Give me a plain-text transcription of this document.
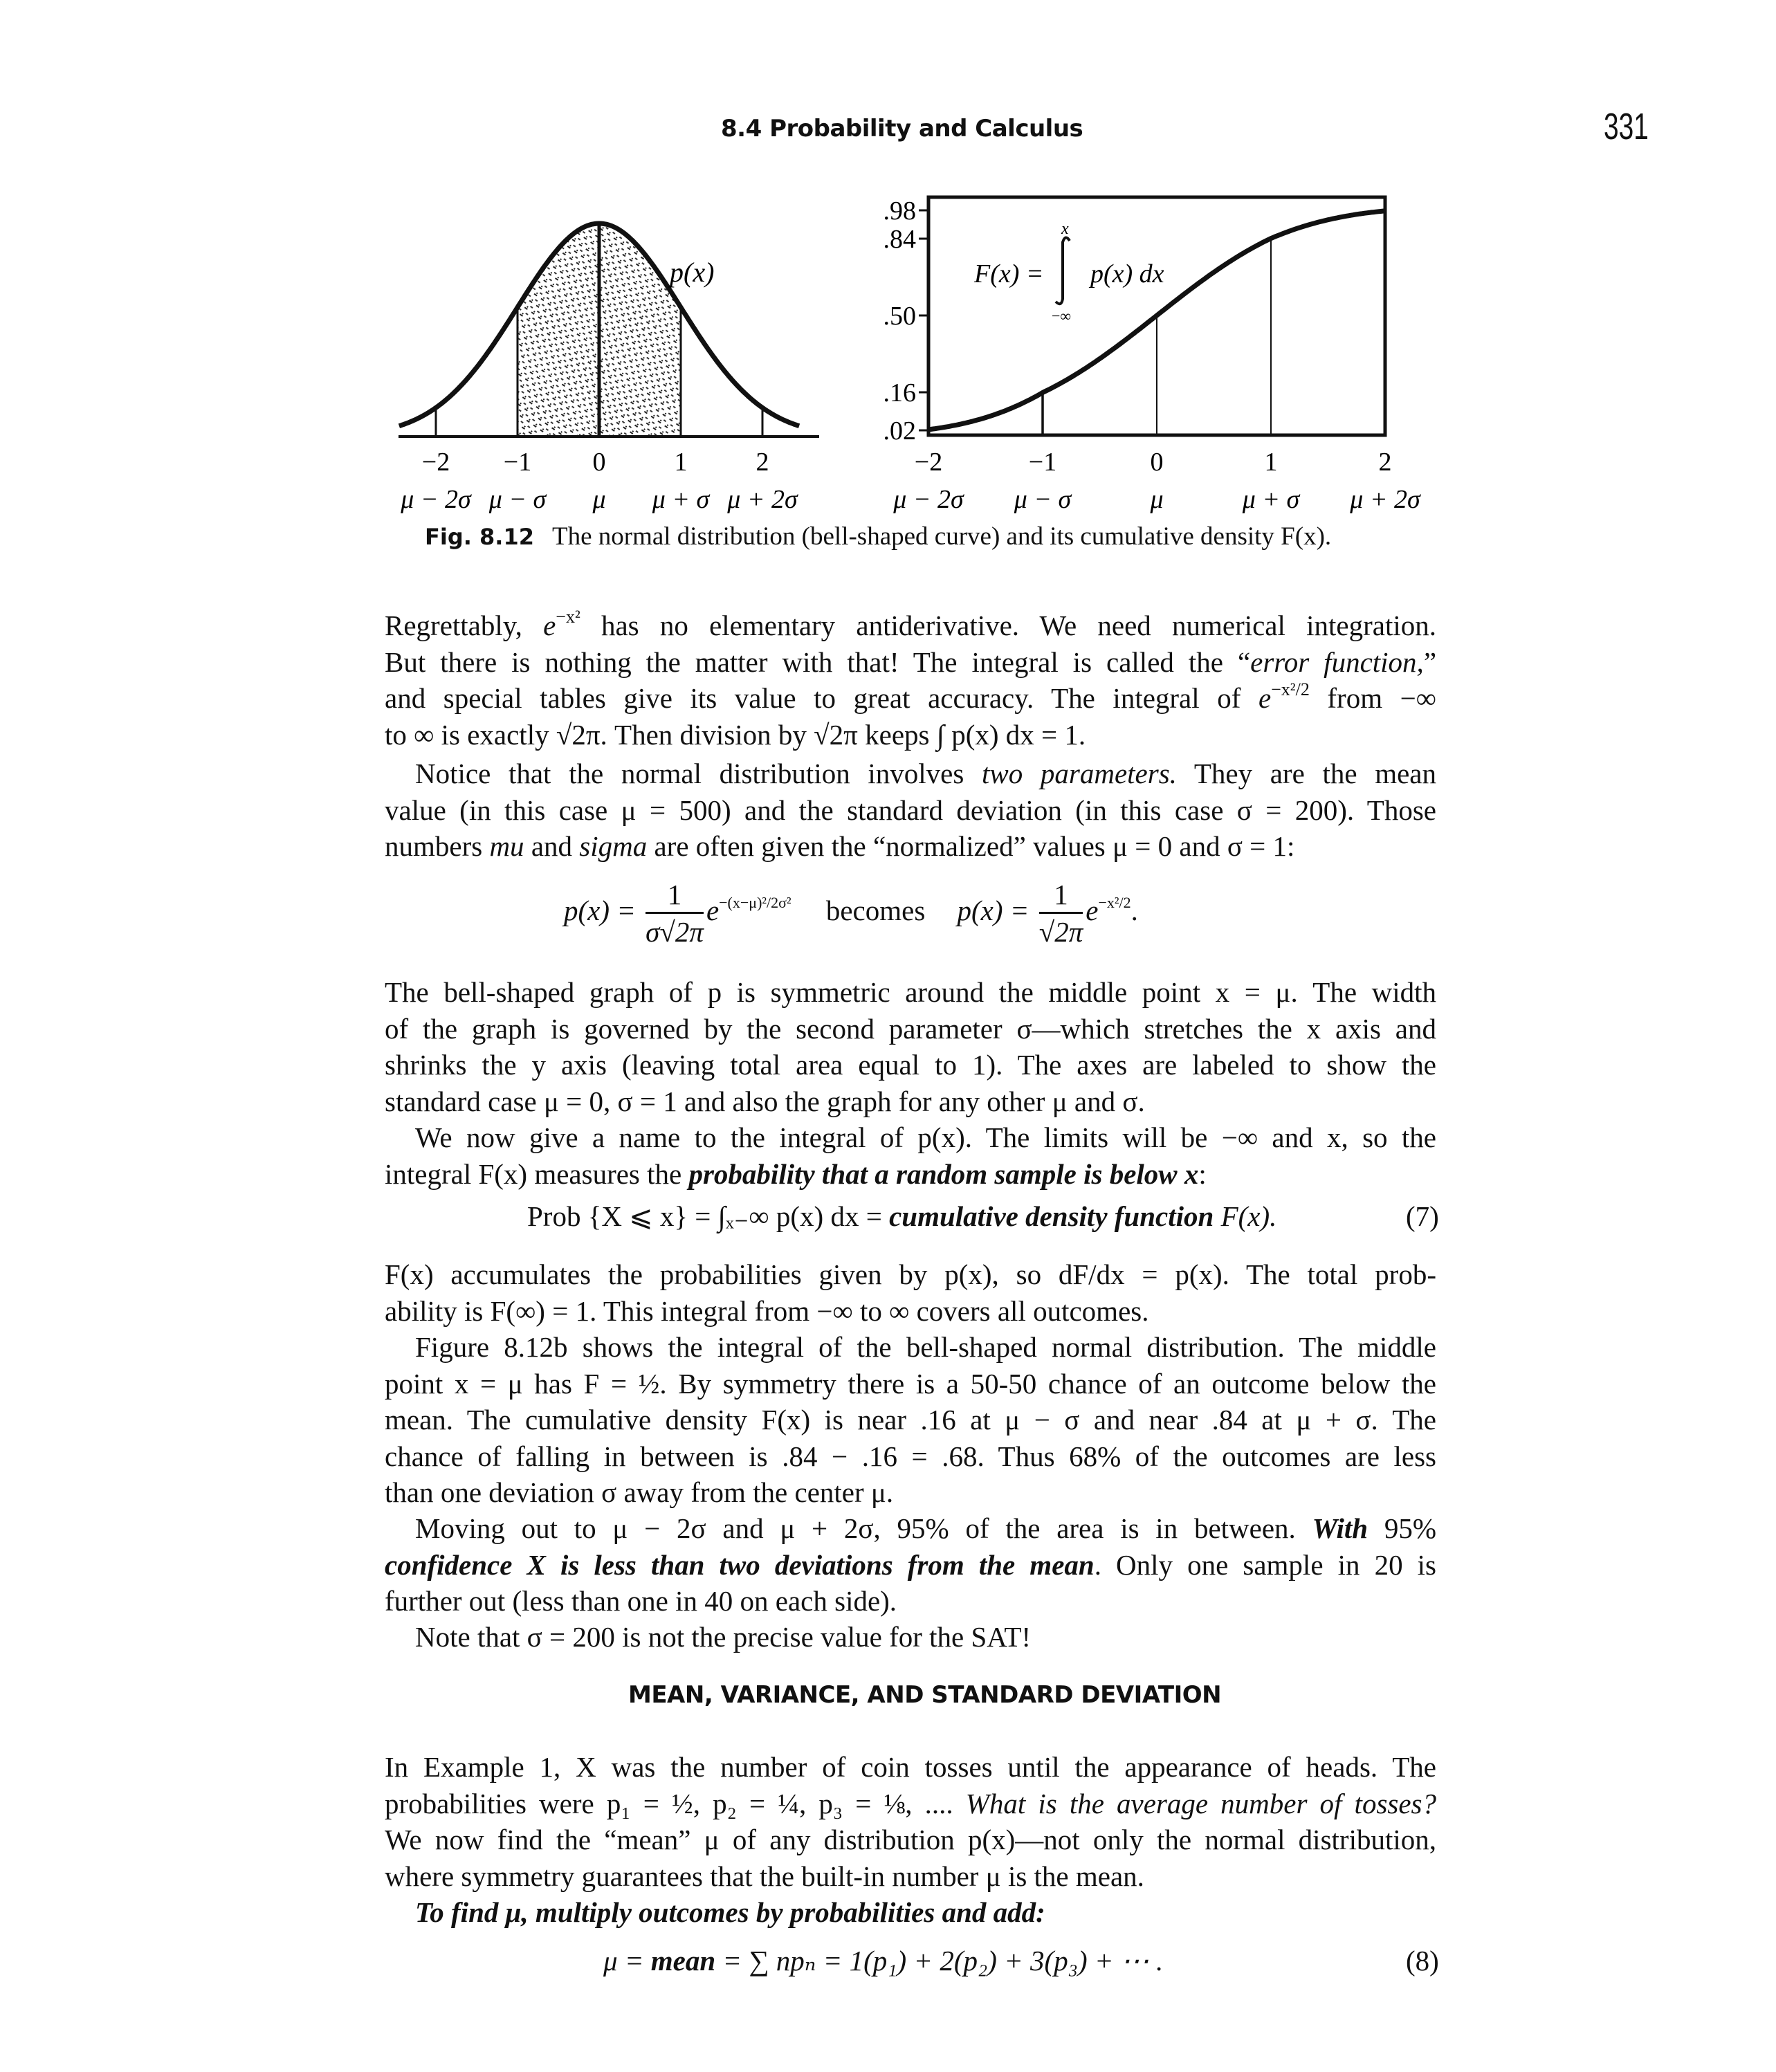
8.4 Probability and Calculus	331
p(x)
.98
.84
.50
.16
.02
F(x) =
x
−∞
p(x) dx
−2
μ − 2σ
−1
μ − σ
0
μ
1
μ + σ
2
μ + 2σ
−2
μ − 2σ
−1
μ − σ
0
μ
1
μ + σ
2
μ + 2σ
Fig. 8.12 The normal distribution (bell-shaped curve) and its cumulative density F(x).
Regrettably, $e^{-x^2}$ has no elementary antiderivative. We need numerical integration.
But there is nothing the matter with that! The integral is called the “error function,”
and special tables give its value to great accuracy. The integral of $e^{-x^2/2}$ from −∞
to ∞ is exactly √2π. Then division by √2π keeps ∫ p(x) dx = 1.
Notice that the normal distribution involves two parameters. They are the mean
value (in this case μ = 500) and the standard deviation (in this case σ = 200). Those
numbers mu and sigma are often given the “normalized” values μ = 0 and σ = 1:
$p(x) = \frac{1}{\sigma√2\pi} e^{-(x-\mu)^2/2\sigma^2}$ becomes $p(x) = \frac{1}{√2\pi} e^{-x^2/2}$.
The bell-shaped graph of p is symmetric around the middle point x = μ. The width
of the graph is governed by the second parameter σ—which stretches the x axis and
shrinks the y axis (leaving total area equal to 1). The axes are labeled to show the
standard case μ = 0, σ = 1 and also the graph for any other μ and σ.
We now give a name to the integral of p(x). The limits will be −∞ and x, so the
integral F(x) measures the probability that a random sample is below x:
Prob {X ⩽ x} = ∫ₓ₋∞ p(x) dx = cumulative density function F(x).	(7)
F(x) accumulates the probabilities given by p(x), so dF/dx = p(x). The total prob-
ability is F(∞) = 1. This integral from −∞ to ∞ covers all outcomes.
Figure 8.12b shows the integral of the bell-shaped normal distribution. The middle
point x = μ has F = ½. By symmetry there is a 50-50 chance of an outcome below the
mean. The cumulative density F(x) is near .16 at μ − σ and near .84 at μ + σ. The
chance of falling in between is .84 − .16 = .68. Thus 68% of the outcomes are less
than one deviation σ away from the center μ.
Moving out to μ − 2σ and μ + 2σ, 95% of the area is in between. With 95%
confidence X is less than two deviations from the mean. Only one sample in 20 is
further out (less than one in 40 on each side).
Note that σ = 200 is not the precise value for the SAT!
MEAN, VARIANCE, AND STANDARD DEVIATION
In Example 1, X was the number of coin tosses until the appearance of heads. The
probabilities were p₁ = ½, p₂ = ¼, p₃ = ⅛, .... What is the average number of tosses?
We now find the “mean” μ of any distribution p(x)—not only the normal distribution,
where symmetry guarantees that the built-in number μ is the mean.
To find μ, multiply outcomes by probabilities and add:
μ = mean = ∑ npₙ = 1(p₁) + 2(p₂) + 3(p₃) + ⋯ .	(8)
